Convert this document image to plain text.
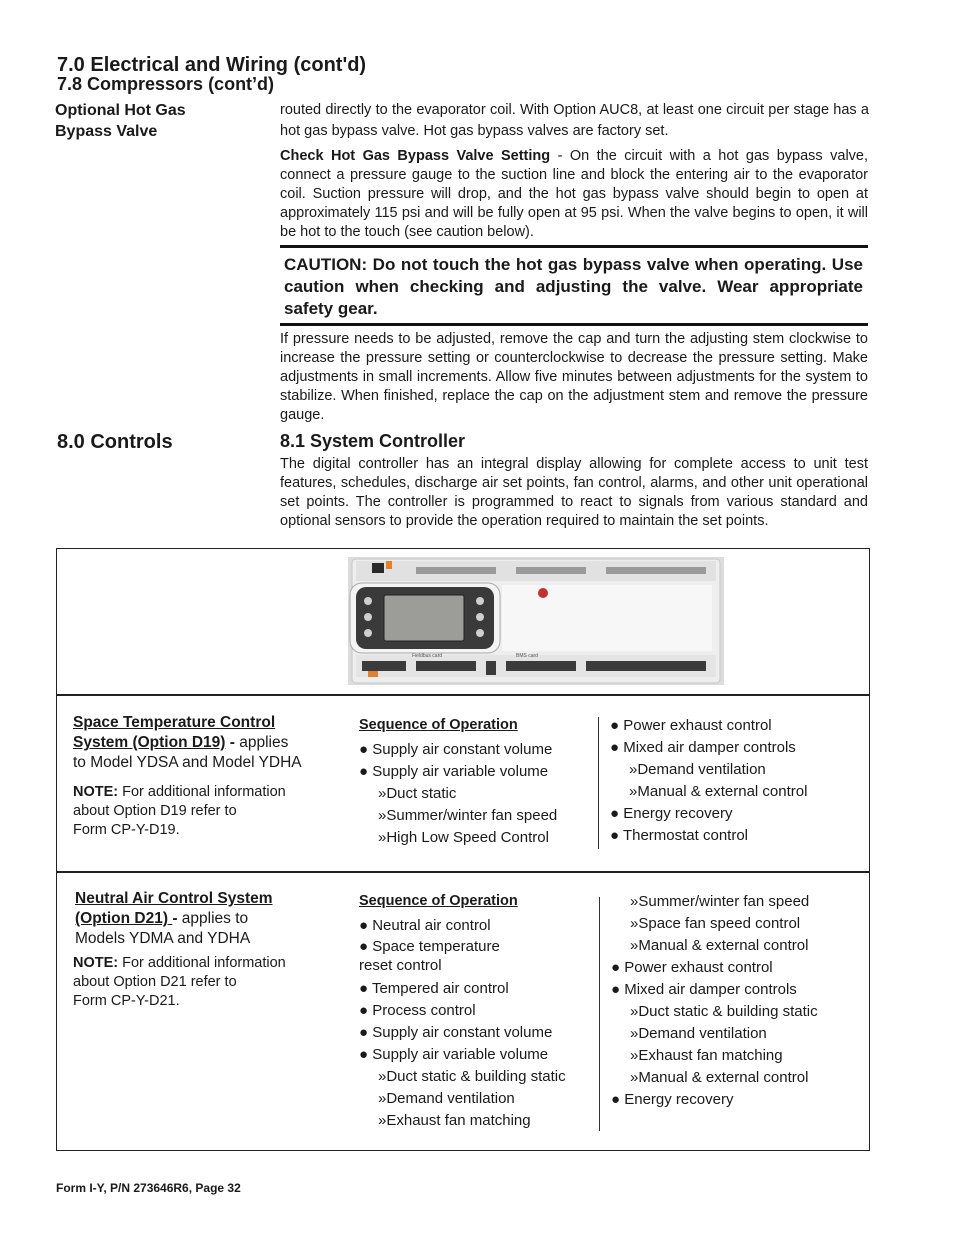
7.0 Electrical and Wiring (cont'd)
7.8 Compressors (cont’d)
Optional Hot Gas
Bypass Valve
routed directly to the evaporator coil. With Option AUC8, at least one circuit per stage has a hot gas bypass valve. Hot gas bypass valves are factory set.
Check Hot Gas Bypass Valve Setting - On the circuit with a hot gas bypass valve, connect a pressure gauge to the suction line and block the entering air to the evaporator coil. Suction pressure will drop, and the hot gas bypass valve should begin to open at approximately 115 psi and will be fully open at 95 psi. When the valve begins to open, it will be hot to the touch (see caution below).
CAUTION: Do not touch the hot gas bypass valve when operating. Use caution when checking and adjusting the valve. Wear appropriate safety gear.
If pressure needs to be adjusted, remove the cap and turn the adjusting stem clockwise to increase the pressure setting or counterclockwise to decrease the pressure setting. Make adjustments in small increments. Allow five minutes between adjustments for the system to stabilize. When finished, replace the cap on the adjustment stem and remove the pressure gauge.
8.0 Controls	8.1 System Controller
The digital controller has an integral display allowing for complete access to unit test features, schedules, discharge air set points, fan control, alarms, and other unit operational set points. The controller is programmed to react to signals from various standard and optional sensors to provide the operation required to maintain the set points.
Fieldbus card	BMS card
Space Temperature Control
System (Option D19) - applies
to Model YDSA and Model YDHA
NOTE: For additional information
about Option D19 refer to
Form CP-Y-D19.
Sequence of Operation
● Supply air constant volume
● Supply air variable volume
»Duct static
»Summer/winter fan speed
»High Low Speed Control
● Power exhaust control
● Mixed air damper controls
»Demand ventilation
»Manual & external control
● Energy recovery
● Thermostat control
Neutral Air Control System
(Option D21) - applies to
Models YDMA and YDHA
NOTE: For additional information
about Option D21 refer to
Form CP-Y-D21.
Sequence of Operation
● Neutral air control
● Space temperature reset control
● Tempered air control
● Process control
● Supply air constant volume
● Supply air variable volume
»Duct static & building static
»Demand ventilation
»Exhaust fan matching
»Summer/winter fan speed
»Space fan speed control
»Manual & external control
● Power exhaust control
● Mixed air damper controls
»Duct static & building static
»Demand ventilation
»Exhaust fan matching
»Manual & external control
● Energy recovery
Form I-Y, P/N 273646R6, Page 32
